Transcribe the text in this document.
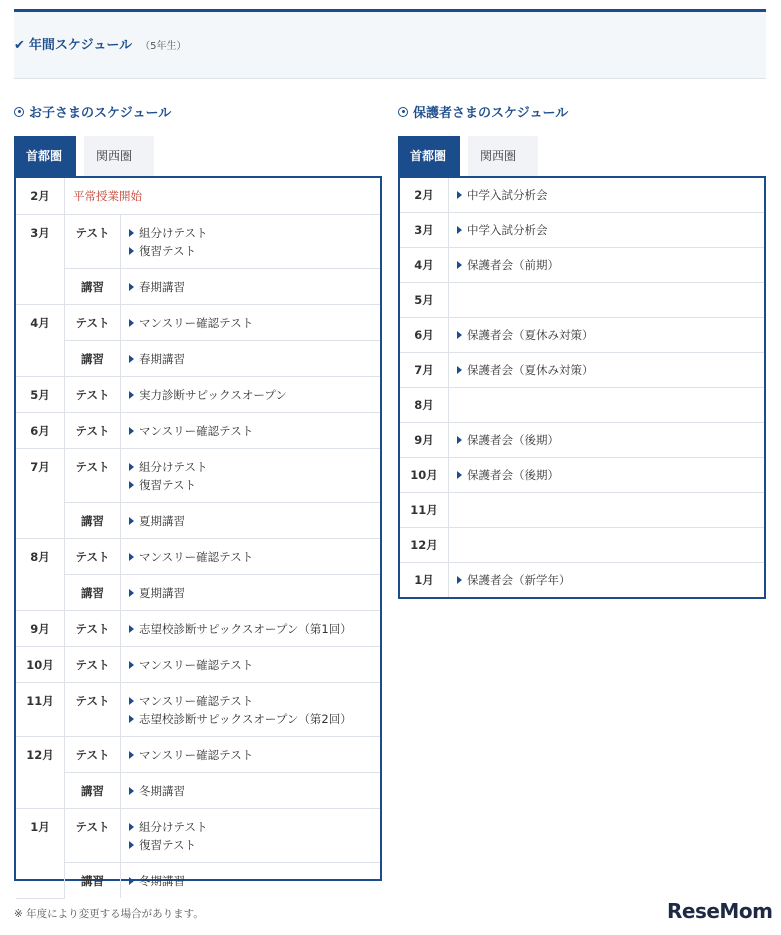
✔ 年間スケジュール （5年生）
お子さまのスケジュール
首都圏	関西圏
2月	平常授業開始	
3月	テスト	組分けテスト
復習テスト

	講習	春期講習

4月	テスト	マンスリー確認テスト

	講習	春期講習

5月	テスト	実力診断サピックスオープン

6月	テスト	マンスリー確認テスト

7月	テスト	組分けテスト
復習テスト

	講習	夏期講習

8月	テスト	マンスリー確認テスト

	講習	夏期講習

9月	テスト	志望校診断サピックスオープン（第1回）

10月	テスト	マンスリー確認テスト

11月	テスト	マンスリー確認テスト
志望校診断サピックスオープン（第2回）

12月	テスト	マンスリー確認テスト

	講習	冬期講習

1月	テスト	組分けテスト
復習テスト

	講習	冬期講習
保護者さまのスケジュール
首都圏	関西圏
2月	中学入試分析会

3月	中学入試分析会

4月	保護者会（前期）

5月	
6月	保護者会（夏休み対策）

7月	保護者会（夏休み対策）

8月	
9月	保護者会（後期）

10月	保護者会（後期）

11月	
12月	
1月	保護者会（新学年）
※ 年度により変更する場合があります。	ReseMom
